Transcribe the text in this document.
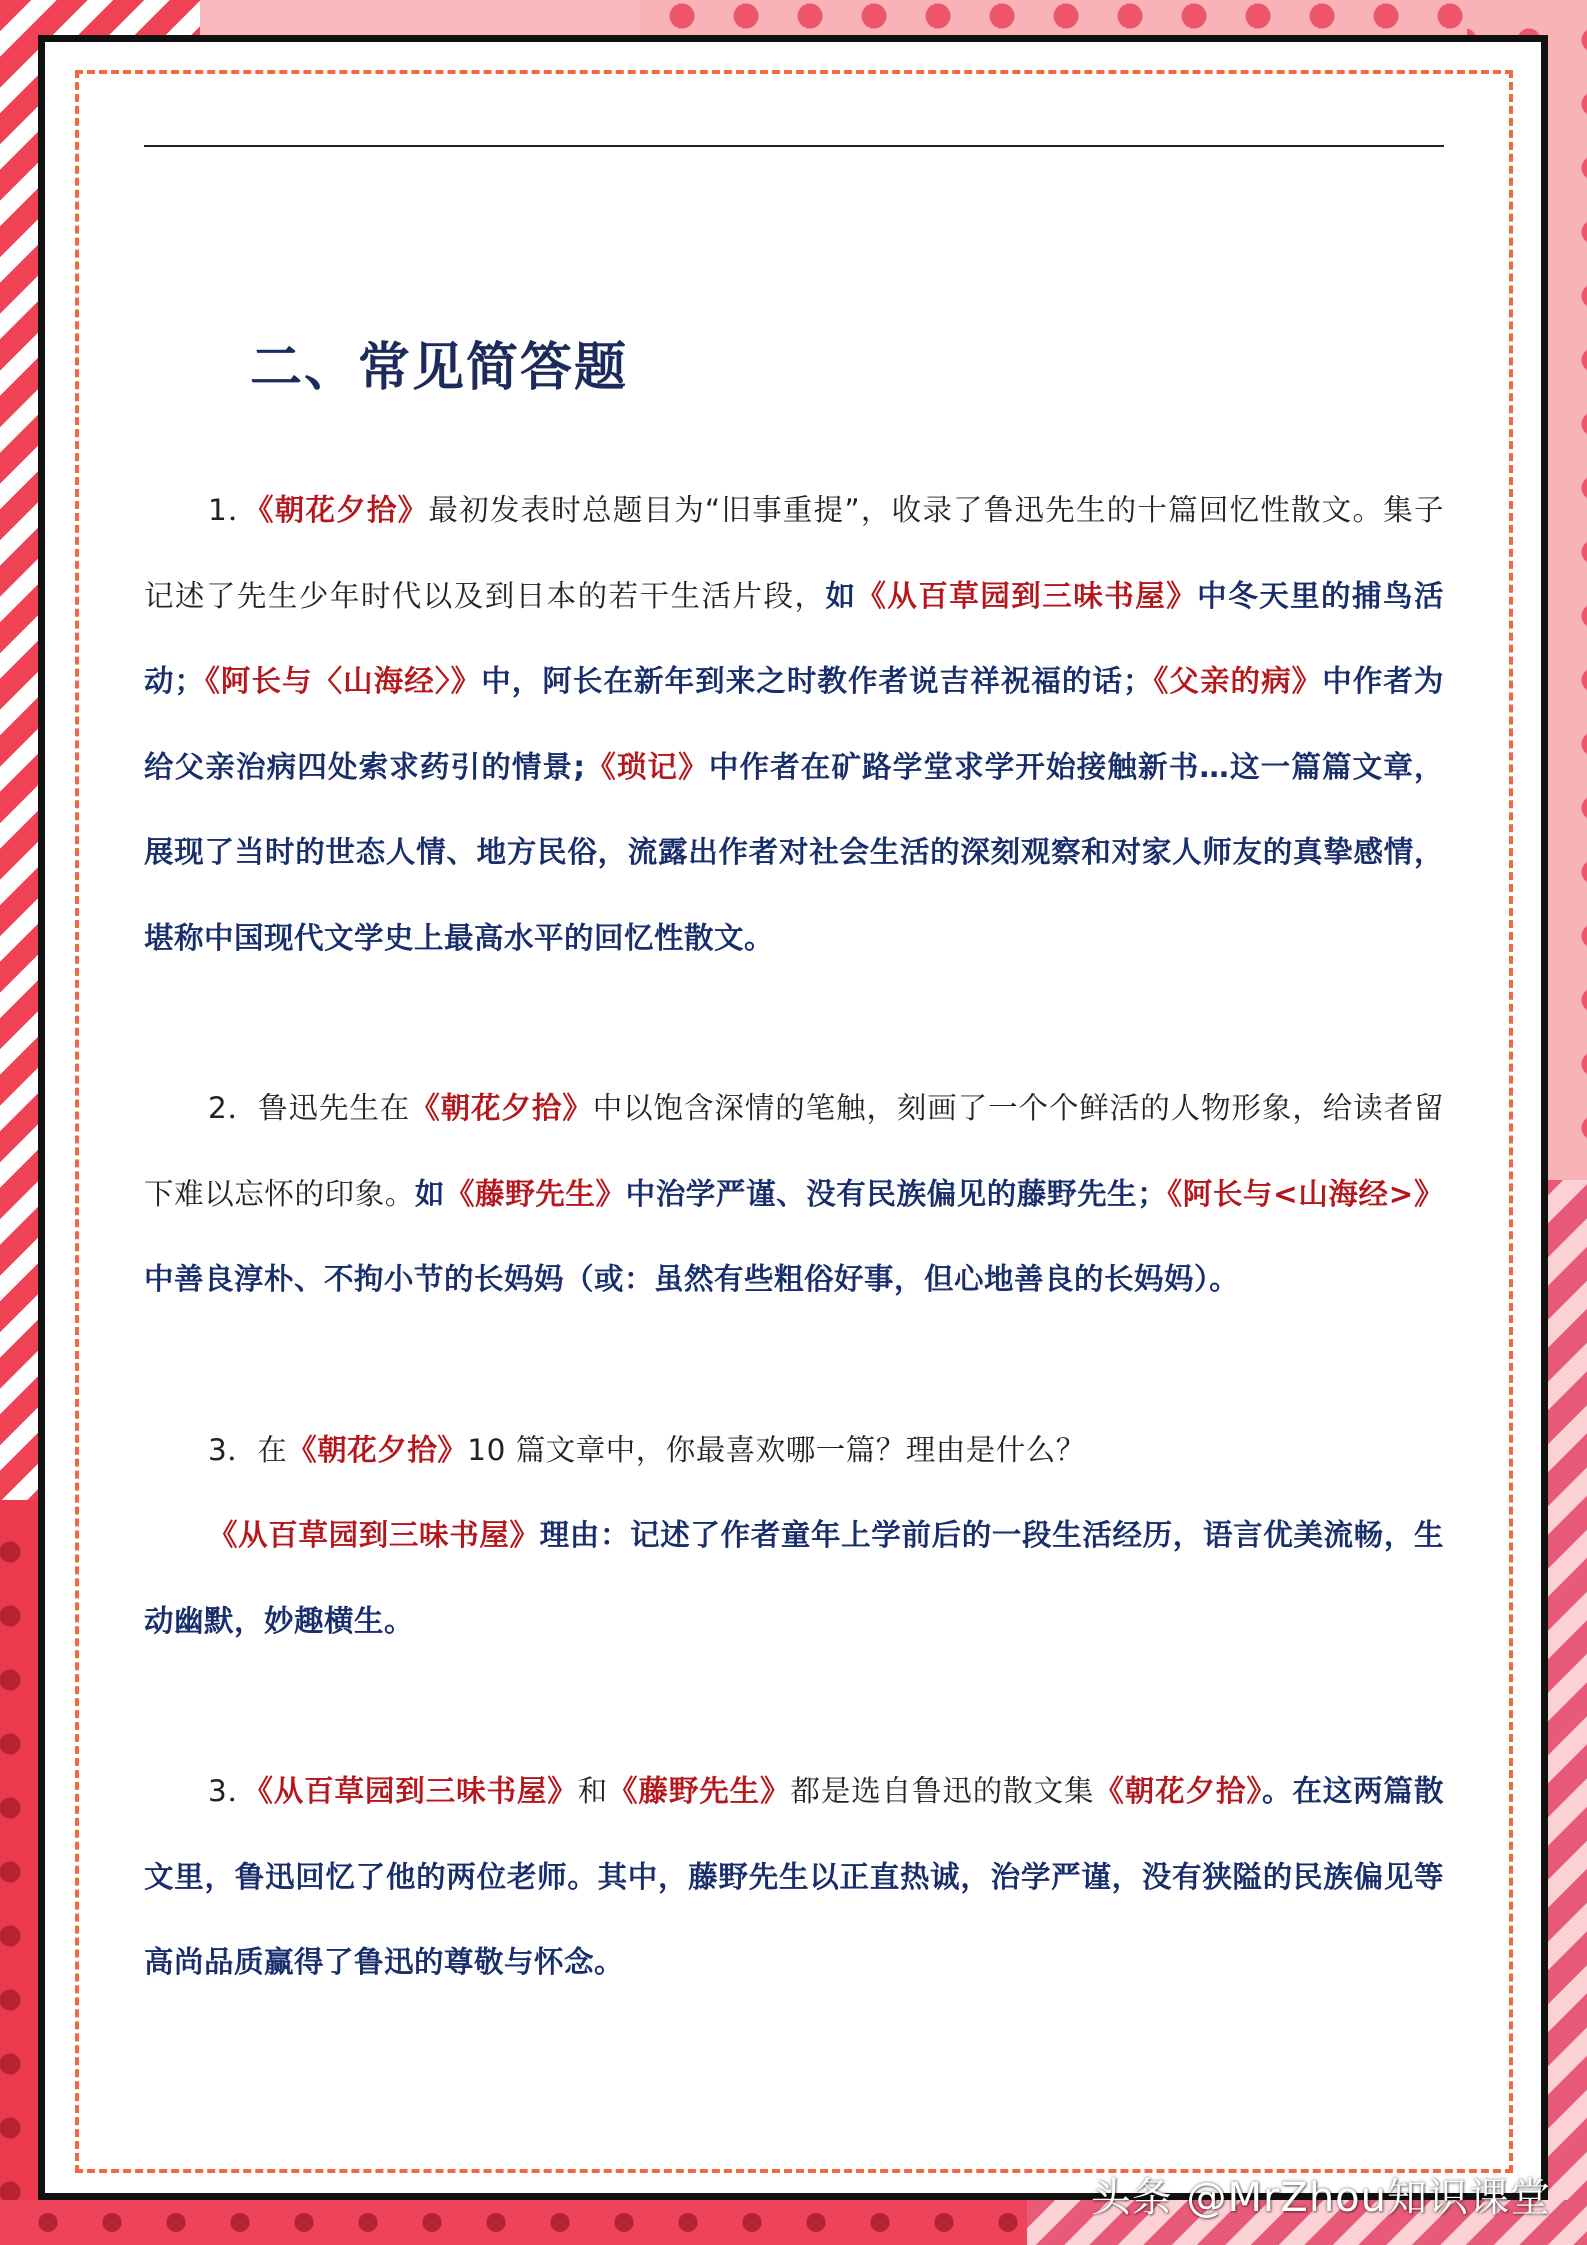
二、常见简答题

1．《朝花夕拾》最初发表时总题目为“旧事重提”，收录了鲁迅先生的十篇回忆性散文。集子记述了先生少年时代以及到日本的若干生活片段，如《从百草园到三味书屋》中冬天里的捕鸟活动；《阿长与〈山海经〉》中，阿长在新年到来之时教作者说吉祥祝福的话；《父亲的病》中作者为给父亲治病四处索求药引的情景;《琐记》中作者在矿路学堂求学开始接触新书…这一篇篇文章，展现了当时的世态人情、地方民俗，流露出作者对社会生活的深刻观察和对家人师友的真挚感情，堪称中国现代文学史上最高水平的回忆性散文。

2．鲁迅先生在《朝花夕拾》中以饱含深情的笔触，刻画了一个个鲜活的人物形象，给读者留下难以忘怀的印象。如《藤野先生》中治学严谨、没有民族偏见的藤野先生；《阿长与<山海经>》中善良淳朴、不拘小节的长妈妈（或：虽然有些粗俗好事，但心地善良的长妈妈）。

3．在《朝花夕拾》10 篇文章中，你最喜欢哪一篇？理由是什么？

《从百草园到三味书屋》理由：记述了作者童年上学前后的一段生活经历，语言优美流畅，生动幽默，妙趣横生。

3．《从百草园到三味书屋》和《藤野先生》都是选自鲁迅的散文集《朝花夕拾》。在这两篇散文里，鲁迅回忆了他的两位老师。其中，藤野先生以正直热诚，治学严谨，没有狭隘的民族偏见等高尚品质赢得了鲁迅的尊敬与怀念。

头条 @MrZhou知识课堂
